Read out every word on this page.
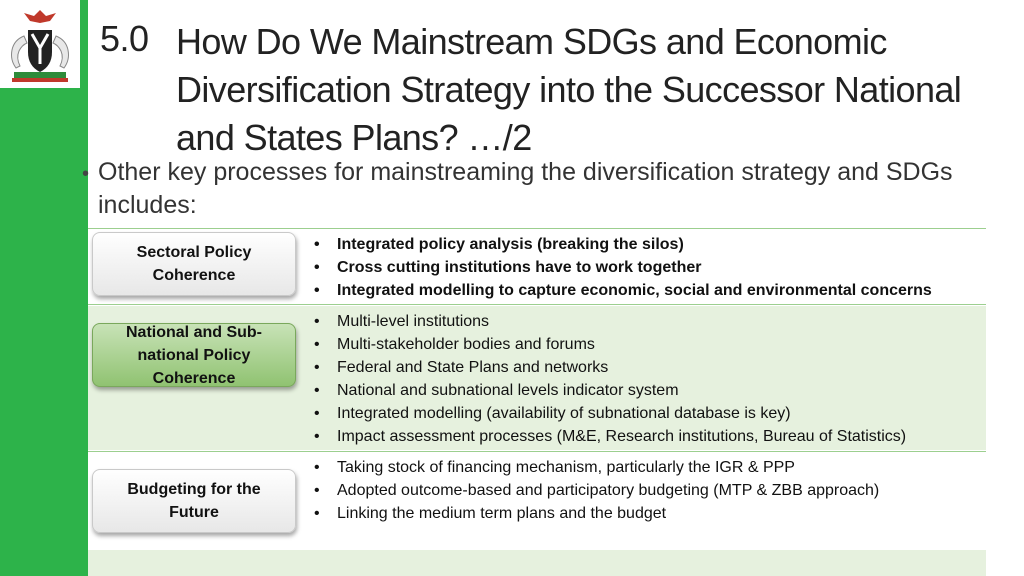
5.0 How Do We Mainstream SDGs and Economic Diversification Strategy into the Successor National and States Plans? …/2
• Other key processes for mainstreaming the diversification strategy and SDGs includes:
Sectoral Policy Coherence
National and Sub-national Policy Coherence
Budgeting for the Future
• Integrated policy analysis (breaking the silos)
• Cross cutting institutions have to work together
• Integrated modelling to capture economic, social and environmental concerns
• Multi-level institutions
• Multi-stakeholder bodies and forums
• Federal and State Plans and networks
• National and subnational levels indicator system
• Integrated modelling (availability of subnational database is key)
• Impact assessment processes (M&E, Research institutions, Bureau of Statistics)
• Taking stock of financing mechanism, particularly the IGR & PPP
• Adopted outcome-based and participatory budgeting (MTP & ZBB approach)
• Linking the medium term plans and the budget
